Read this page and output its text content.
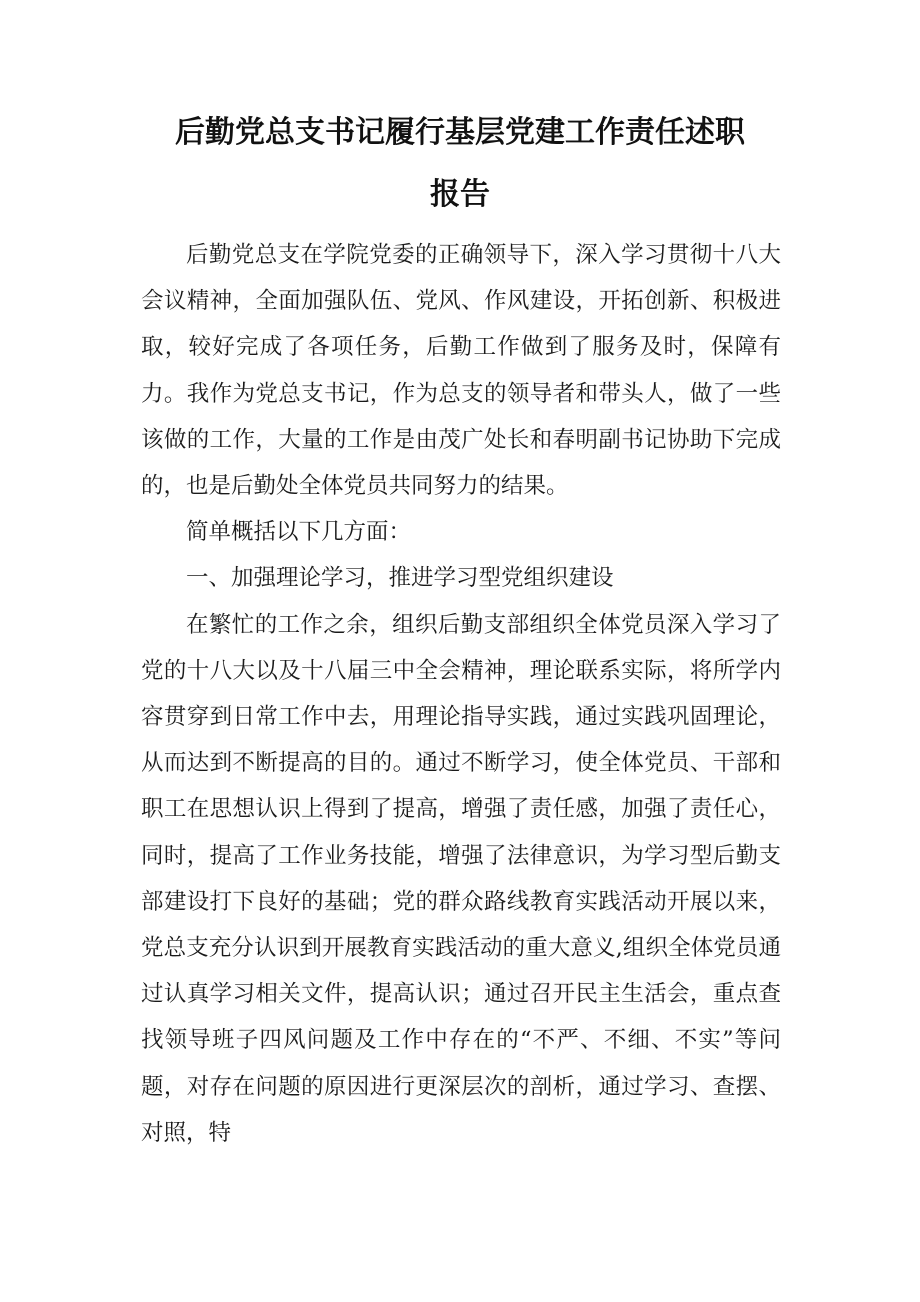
后勤党总支书记履行基层党建工作责任述职
报告

后勤党总支在学院党委的正确领导下，深入学习贯彻十八大会议精神，全面加强队伍、党风、作风建设，开拓创新、积极进取，较好完成了各项任务，后勤工作做到了服务及时，保障有力。我作为党总支书记，作为总支的领导者和带头人，做了一些该做的工作，大量的工作是由茂广处长和春明副书记协助下完成的，也是后勤处全体党员共同努力的结果。

简单概括以下几方面：

一、加强理论学习，推进学习型党组织建设

在繁忙的工作之余，组织后勤支部组织全体党员深入学习了党的十八大以及十八届三中全会精神，理论联系实际，将所学内容贯穿到日常工作中去，用理论指导实践，通过实践巩固理论，从而达到不断提高的目的。通过不断学习，使全体党员、干部和职工在思想认识上得到了提高，增强了责任感，加强了责任心，同时，提高了工作业务技能，增强了法律意识，为学习型后勤支部建设打下良好的基础；党的群众路线教育实践活动开展以来，党总支充分认识到开展教育实践活动的重大意义,组织全体党员通过认真学习相关文件，提高认识；通过召开民主生活会，重点查找领导班子四风问题及工作中存在的“不严、不细、不实”等问题，对存在问题的原因进行更深层次的剖析，通过学习、查摆、对照，特
